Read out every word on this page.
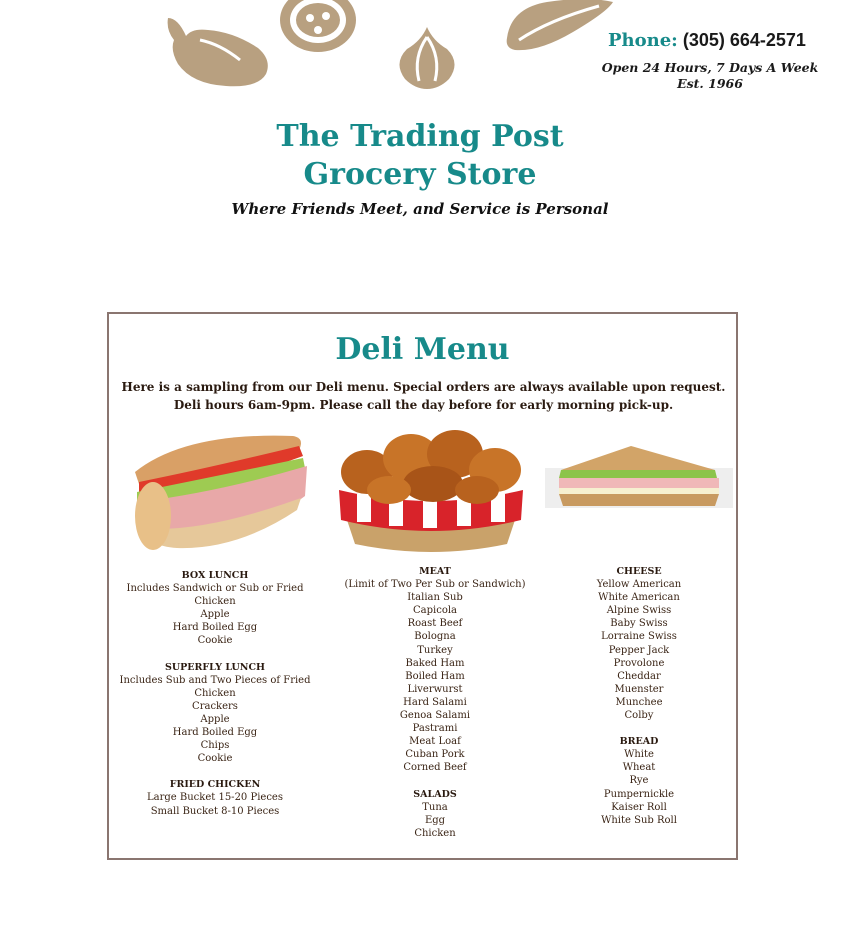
Phone: (305) 664-2571
Open 24 Hours, 7 Days A Week
Est. 1966
The Trading Post
Grocery Store
Where Friends Meet, and Service is Personal
Deli Menu
Here is a sampling from our Deli menu. Special orders are always available upon request.
Deli hours 6am-9pm. Please call the day before for early morning pick-up.
BOX LUNCH
Includes Sandwich or Sub or Fried
Chicken
Apple
Hard Boiled Egg
Cookie
SUPERFLY LUNCH
Includes Sub and Two Pieces of Fried
Chicken
Crackers
Apple
Hard Boiled Egg
Chips
Cookie
FRIED CHICKEN
Large Bucket 15-20 Pieces
Small Bucket 8-10 Pieces
MEAT
(Limit of Two Per Sub or Sandwich)
Italian Sub
Capicola
Roast Beef
Bologna
Turkey
Baked Ham
Boiled Ham
Liverwurst
Hard Salami
Genoa Salami
Pastrami
Meat Loaf
Cuban Pork
Corned Beef
SALADS
Tuna
Egg
Chicken
CHEESE
Yellow American
White American
Alpine Swiss
Baby Swiss
Lorraine Swiss
Pepper Jack
Provolone
Cheddar
Muenster
Munchee
Colby
BREAD
White
Wheat
Rye
Pumpernickle
Kaiser Roll
White Sub Roll
